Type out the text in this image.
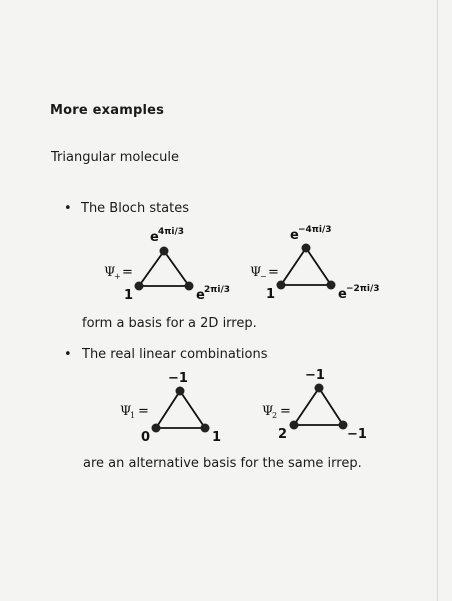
More examples
Triangular molecule
• The Bloch states
form a basis for a 2D irrep.
• The real linear combinations
are an alternative basis for the same irrep.
Ψ
+ =
e 4πi/3
1	e 2πi/3
Ψ
− =
e −4πi/3
1	e −2πi/3
Ψ
1 =
−1
0	1
Ψ
2 =
−1
2	−1
